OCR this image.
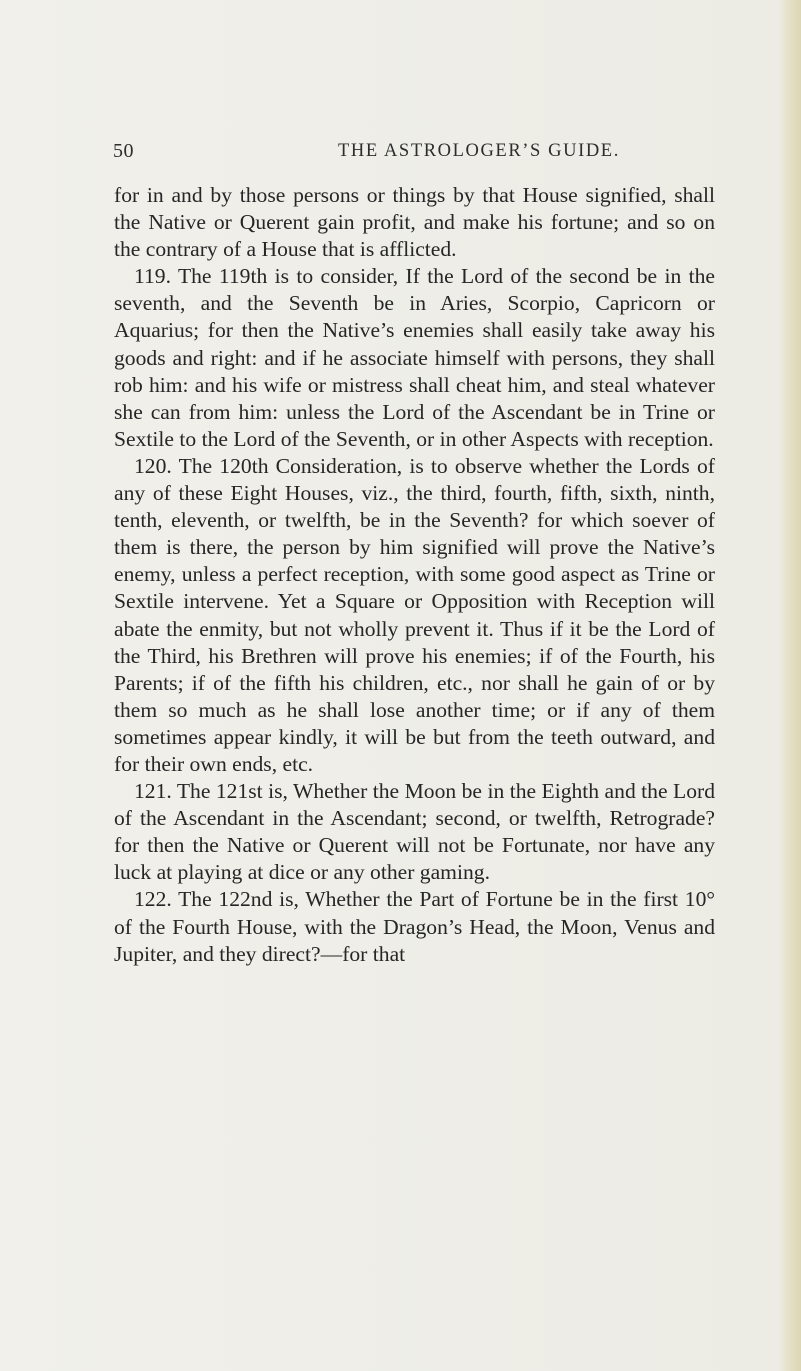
50	THE ASTROLOGER’S GUIDE.

for in and by those persons or things by that House signified, shall the Native or Querent gain profit, and make his fortune; and so on the contrary of a House that is afflicted.

119. The 119th is to consider, If the Lord of the second be in the seventh, and the Seventh be in Aries, Scorpio, Capricorn or Aquarius; for then the Native’s enemies shall easily take away his goods and right: and if he associate himself with persons, they shall rob him: and his wife or mistress shall cheat him, and steal whatever she can from him: unless the Lord of the Ascendant be in Trine or Sextile to the Lord of the Seventh, or in other Aspects with reception.

120. The 120th Consideration, is to observe whether the Lords of any of these Eight Houses, viz., the third, fourth, fifth, sixth, ninth, tenth, eleventh, or twelfth, be in the Seventh? for which soever of them is there, the person by him signified will prove the Native’s enemy, unless a perfect reception, with some good aspect as Trine or Sextile intervene. Yet a Square or Opposition with Reception will abate the enmity, but not wholly prevent it. Thus if it be the Lord of the Third, his Brethren will prove his enemies; if of the Fourth, his Parents; if of the fifth his children, etc., nor shall he gain of or by them so much as he shall lose another time; or if any of them sometimes appear kindly, it will be but from the teeth outward, and for their own ends, etc.

121. The 121st is, Whether the Moon be in the Eighth and the Lord of the Ascendant in the Ascendant; second, or twelfth, Retrograde? for then the Native or Querent will not be Fortunate, nor have any luck at playing at dice or any other gaming.

122. The 122nd is, Whether the Part of Fortune be in the first 10° of the Fourth House, with the Dragon’s Head, the Moon, Venus and Jupiter, and they direct?—for that
